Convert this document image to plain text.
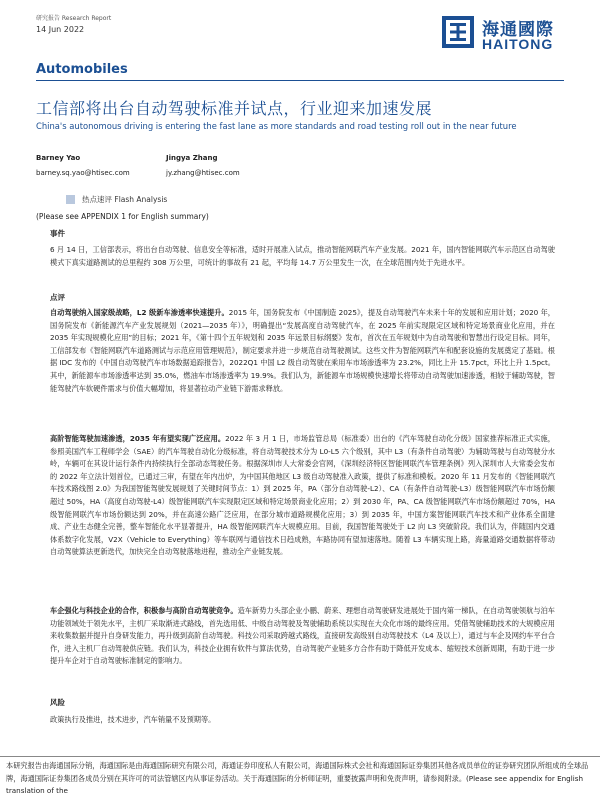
研究报告 Research Report
14 Jun 2022	海通國際
HAITONG
Automobiles
工信部将出台自动驾驶标准并试点，行业迎来加速发展
China's autonomous driving is entering the fast lane as more standards and road testing roll out in the near future
Barney Yao
barney.sq.yao@htisec.com
Jingya Zhang
jy.zhang@htisec.com
热点速评 Flash Analysis
(Please see APPENDIX 1 for English summary)
事件
6 月 14 日，工信部表示，将出台自动驾驶、信息安全等标准，适时开展准入试点，推动智能网联汽车产业发展。2021 年，国内智能网联汽车示范区自动驾驶模式下真实道路测试的总里程约 308 万公里，可统计的事故有 21 起，平均每 14.7 万公里发生一次，在全球范围内处于先进水平。
点评
自动驾驶纳入国家级战略，L2 级新车渗透率快速提升。2015 年，国务院发布《中国制造 2025》，提及自动驾驶汽车未来十年的发展和应用计划；2020 年，国务院发布《新能源汽车产业发展规划（2021—2035 年）》，明确提出“发展高度自动驾驶汽车，在 2025 年前实现限定区域和特定场景商业化应用，并在 2035 年实现规模化应用”的目标；2021 年，《第十四个五年规划和 2035 年远景目标纲要》发布，首次在五年规划中为自动驾驶和智慧出行设定目标。同年，工信部发布《智能网联汽车道路测试与示范应用管理规范》，制定要求并进一步规范自动驾驶测试。这些文件为智能网联汽车和配套设施的发展奠定了基础。根据 IDC 发布的《中国自动驾驶汽车市场数据追踪报告》，2022Q1 中国 L2 级自动驾驶在乘用车市场渗透率为 23.2%，同比上升 15.7pct，环比上升 1.5pct。其中，新能源车市场渗透率达到 35.0%，燃油车市场渗透率为 19.9%。我们认为，新能源车市场规模快速增长将带动自动驾驶加速渗透，相较于辅助驾驶，智能驾驶汽车软硬件需求与价值大幅增加，将显著拉动产业链下游需求释放。
高阶智能驾驶加速渗透，2035 年有望实现广泛应用。2022 年 3 月 1 日，市场监管总局（标准委）出台的《汽车驾驶自动化分级》国家推荐标准正式实施，参照美国汽车工程师学会（SAE）的汽车驾驶自动化分级标准，将自动驾驶技术分为 L0-L5 六个级别，其中 L3（有条件自动驾驶）为辅助驾驶与自动驾驶分水岭，车辆可在其设计运行条件内持续执行全部动态驾驶任务。根据深圳市人大常委会官网，《深圳经济特区智能网联汽车管理条例》列入深圳市人大常委会发布的 2022 年立法计划首位，已通过三审，有望在年内出炉，为中国其他地区 L3 级自动驾驶准入政策，提供了标准和模板。2020 年 11 月发布的《智能网联汽车技术路线图 2.0》为我国智能驾驶发展规划了关键时间节点：1）到 2025 年，PA（部分自动驾驶-L2）、CA（有条件自动驾驶-L3）级智能网联汽车市场份额超过 50%，HA（高度自动驾驶-L4）级智能网联汽车实现限定区域和特定场景商业化应用；2）到 2030 年，PA、CA 级智能网联汽车市场份额超过 70%，HA 级智能网联汽车市场份额达到 20%，并在高速公路广泛应用，在部分城市道路规模化应用；3）到 2035 年，中国方案智能网联汽车技术和产业体系全面建成、产业生态健全完善，整车智能化水平显著提升，HA 级智能网联汽车大规模应用。目前，我国智能驾驶处于 L2 向 L3 突破阶段。我们认为，伴随国内交通体系数字化发展，V2X（Vehicle to Everything）等车联网与通信技术日趋成熟，车路协同有望加速落地。随着 L3 车辆实现上路，海量道路交通数据将带动自动驾驶算法更新迭代，加快完全自动驾驶落地进程，推动全产业链发展。
车企强化与科技企业的合作，积极参与高阶自动驾驶竞争。造车新势力头部企业小鹏、蔚来、理想自动驾驶研发进展处于国内第一梯队，在自动驾驶领航与泊车功能领域处于领先水平，主机厂采取渐进式路线，首先选用低、中级自动驾驶及驾驶辅助系统以实现在大众化市场的最终应用。凭借驾驶辅助技术的大规模应用来收集数据并提升自身研发能力，再升级到高阶自动驾驶。科技公司采取跨越式路线，直接研发高级别自动驾驶技术（L4 及以上），通过与车企及网约车平台合作，进入主机厂自动驾驶供应链。我们认为，科技企业拥有软件与算法优势，自动驾驶产业链多方合作有助于降低开发成本、缩短技术创新周期，有助于进一步提升车企对于自动驾驶标准制定的影响力。
风险
政策执行及推进，技术进步，汽车销量不及预期等。
本研究报告由海通国际分销，海通国际是由海通国际研究有限公司，海通证券印度私人有限公司，海通国际株式会社和海通国际证券集团其他各成员单位的证券研究团队所组成的全球品牌，海通国际证券集团各成员分别在其许可的司法管辖区内从事证券活动。关于海通国际的分析师证明，重要披露声明和免责声明，请参阅附录。(Please see appendix for English translation of the
